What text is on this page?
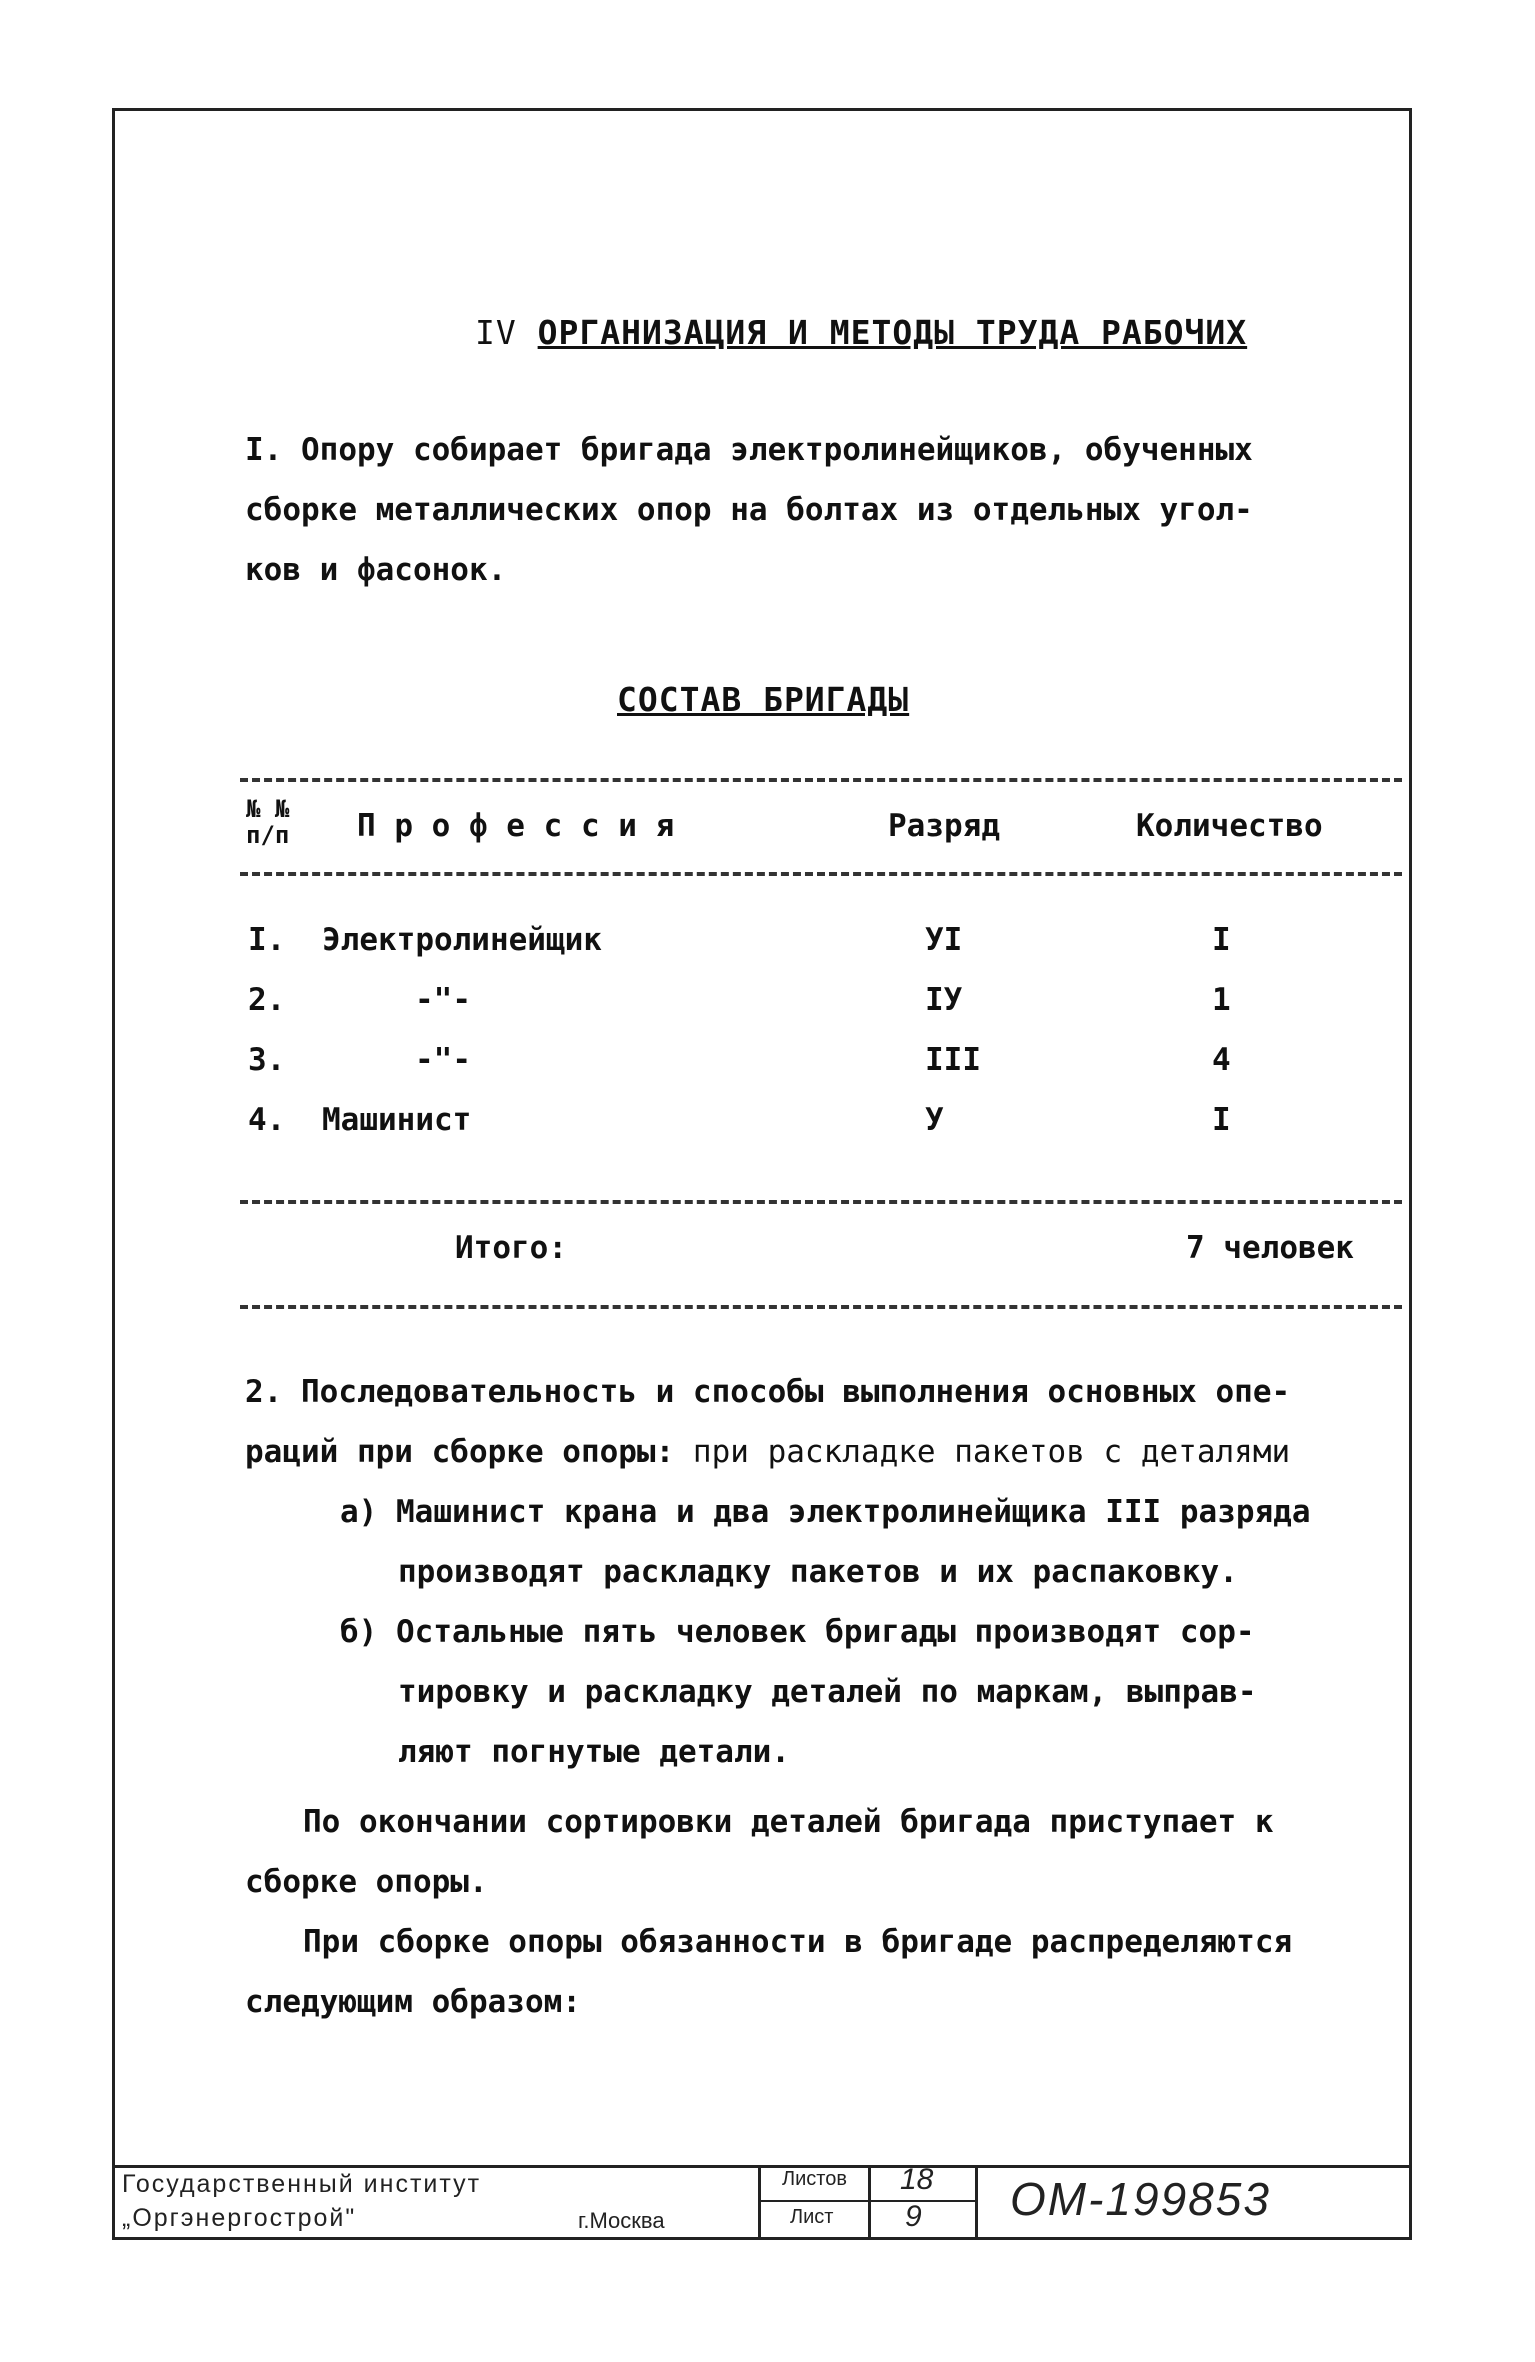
IV ОРГАНИЗАЦИЯ И МЕТОДЫ ТРУДА РАБОЧИХ
I. Опору собирает бригада электролинейщиков, обученных
сборке металлических опор на болтах из отдельных угол-
ков и фасонок.
СОСТАВ БРИГАДЫ
№ №
п/п П р о ф е с с и я	Разряд	Количество
I. Электролинейщик	УI	I
2.	-"-	IУ	1
3.	-"-	III	4
4. Машинист	У	I
Итого:	7 человек
2. Последовательность и способы выполнения основных опе-
раций при сборке опоры: при раскладке пакетов с деталями
а) Машинист крана и два электролинейщика III разряда
производят раскладку пакетов и их распаковку.
б) Остальные пять человек бригады производят сор-
тировку и раскладку деталей по маркам, выправ-
ляют погнутые детали.
По окончании сортировки деталей бригада приступает к
сборке опоры.
При сборке опоры обязанности в бригаде распределяются
следующим образом:
Государственный институт
„Оргэнергострой"	г.Москва
Листов 18
Лист 9 ОМ-199853
